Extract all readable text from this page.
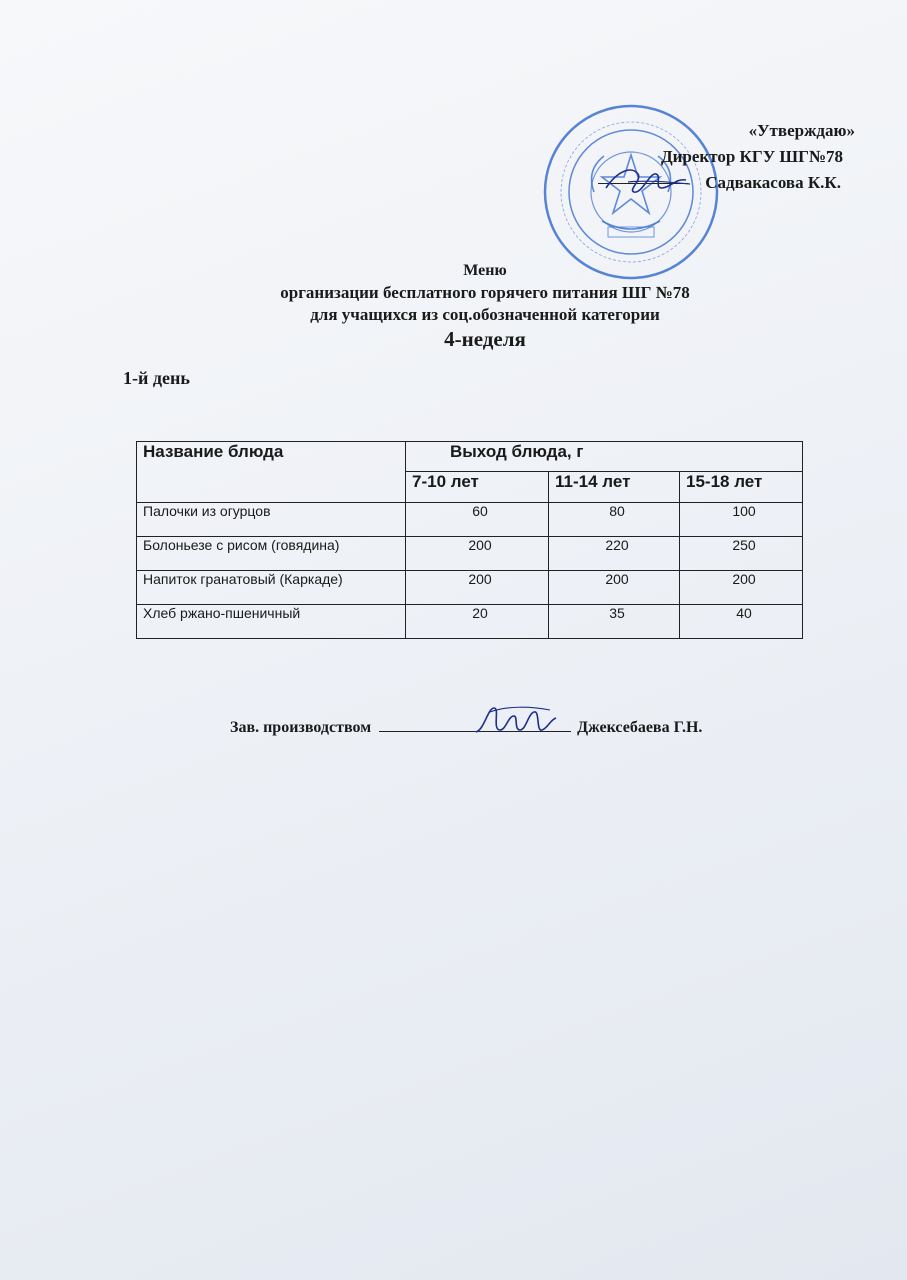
«Утверждаю»
Директор КГУ ШГ№78
Садвакасова К.К.
Меню
организации бесплатного горячего питания ШГ №78
для учащихся из соц.обозначенной категории
4-неделя
1-й день
Название блюда	Выход блюда, г		
	7-10 лет	11-14 лет	15-18 лет
Палочки из огурцов	60	80	100
Болоньезе с рисом (говядина)	200	220	250
Напиток гранатовый (Каркаде)	200	200	200
Хлеб ржано-пшеничный	20	35	40
Зав. производством	Джексебаева Г.Н.
